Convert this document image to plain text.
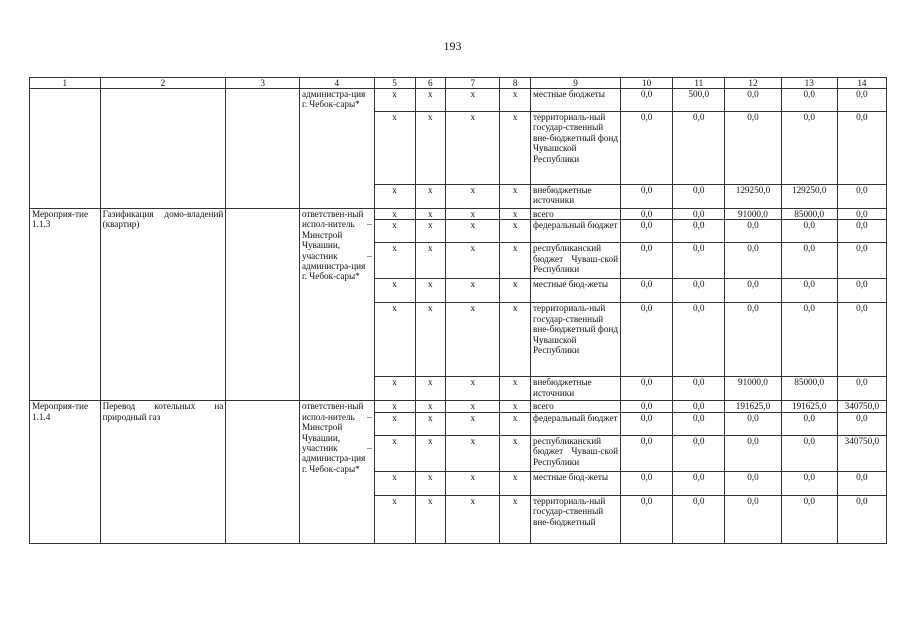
193
1	2	3	4	5	6	7	8	9	10	11	12	13	14
			администра-ция г. Чебок-сары*	x	x	x	x	местные бюджеты	0,0	500,0	0,0	0,0	0,0
				x	x	x	x	территориаль-ный государ-ственный вне-бюджетный фонд Чувашской Республики	0,0	0,0	0,0	0,0	0,0
				x	x	x	x	внебюджетные источники	0,0	0,0	129250,0	129250,0	0,0
Мероприя-тие 1.1.3	Газификация домо-владений (квартир)		ответствен-ный испол-нитель – Минстрой Чувашии, участник – администра-ция г. Чебок-сары*	x	x	x	x	всего	0,0	0,0	91000,0	85000,0	0,0
				x	x	x	x	федеральный бюджет	0,0	0,0	0,0	0,0	0,0
				x	x	x	x	республиканский бюджет Чуваш-ской Республики	0,0	0,0	0,0	0,0	0,0
				x	x	x	x	местные бюд-жеты	0,0	0,0	0,0	0,0	0,0
				x	x	x	x	территориаль-ный государ-ственный вне-бюджетный фонд Чувашской Республики	0,0	0,0	0,0	0,0	0,0
				x	x	x	x	внебюджетные источники	0,0	0,0	91000,0	85000,0	0,0
Мероприя-тие 1.1.4	Перевод котельных на природный газ		ответствен-ный испол-нитель – Минстрой Чувашии, участник – администра-ция г. Чебок-сары*	x	x	x	x	всего	0,0	0,0	191625,0	191625,0	340750,0
				x	x	x	x	федеральный бюджет	0,0	0,0	0,0	0,0	0,0
				x	x	x	x	республиканский бюджет Чуваш-ской Республики	0,0	0,0	0,0	0,0	340750,0
				x	x	x	x	местные бюд-жеты	0,0	0,0	0,0	0,0	0,0
				x	x	x	x	территориаль-ный государ-ственный вне-бюджетный	0,0	0,0	0,0	0,0	0,0
